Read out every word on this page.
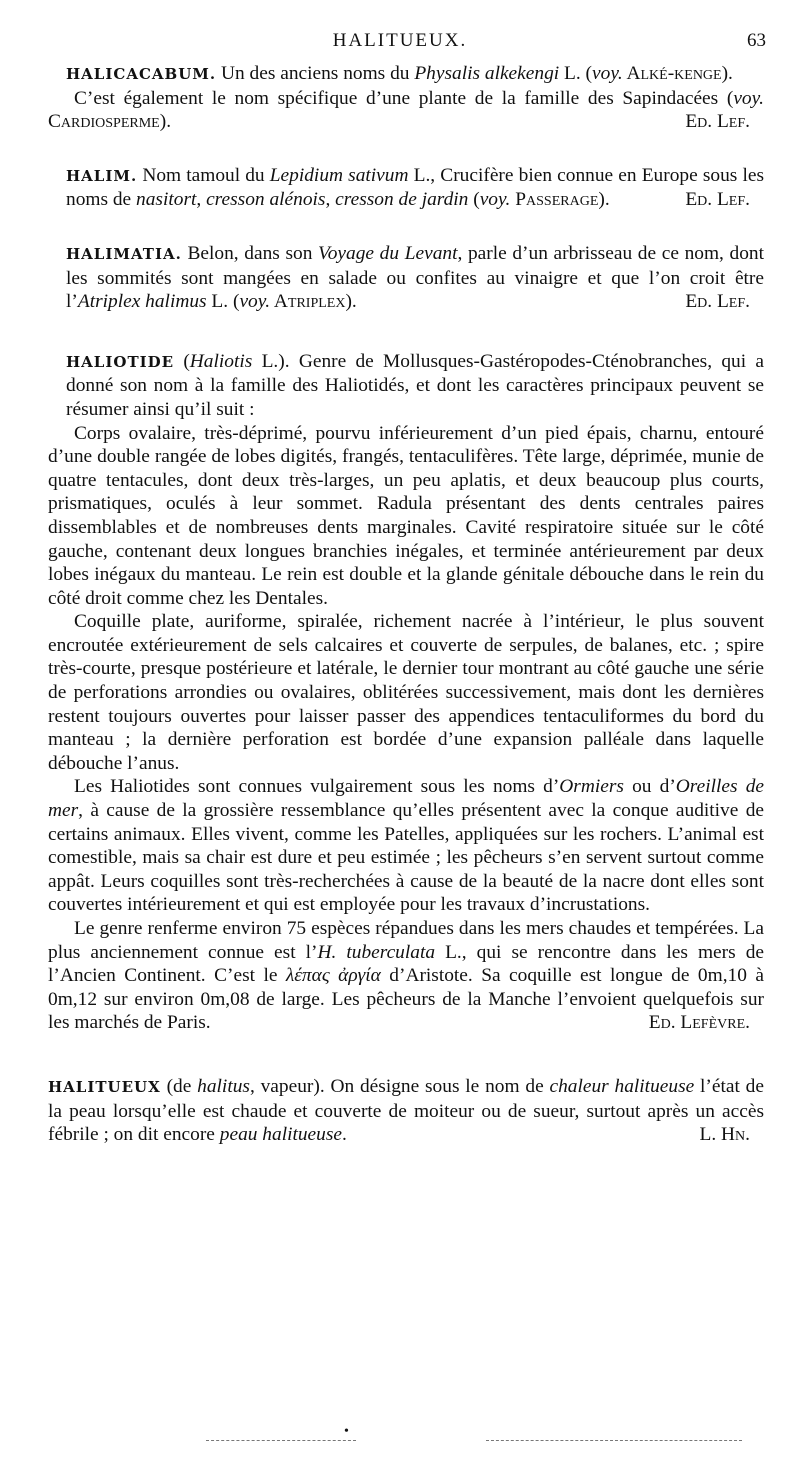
HALITUEUX.	63

HALICACABUM. Un des anciens noms du Physalis alkekengi L. (voy. Alké-kenge).

C’est également le nom spécifique d’une plante de la famille des Sapindacées (voy. Cardiosperme).	Ed. Lef.

HALIM. Nom tamoul du Lepidium sativum L., Crucifère bien connue en Europe sous les noms de nasitort, cresson alénois, cresson de jardin (voy. Passerage).	Ed. Lef.

HALIMATIA. Belon, dans son Voyage du Levant, parle d’un arbrisseau de ce nom, dont les sommités sont mangées en salade ou confites au vinaigre et que l’on croit être l’Atriplex halimus L. (voy. Atriplex).	Ed. Lef.

HALIOTIDE (Haliotis L.). Genre de Mollusques-Gastéropodes-Cténobranches, qui a donné son nom à la famille des Haliotidés, et dont les caractères principaux peuvent se résumer ainsi qu’il suit :

Corps ovalaire, très-déprimé, pourvu inférieurement d’un pied épais, charnu, entouré d’une double rangée de lobes digités, frangés, tentaculifères. Tête large, déprimée, munie de quatre tentacules, dont deux très-larges, un peu aplatis, et deux beaucoup plus courts, prismatiques, oculés à leur sommet. Radula présentant des dents centrales paires dissemblables et de nombreuses dents marginales. Cavité respiratoire située sur le côté gauche, contenant deux longues branchies inégales, et terminée antérieurement par deux lobes inégaux du manteau. Le rein est double et la glande génitale débouche dans le rein du côté droit comme chez les Dentales.

Coquille plate, auriforme, spiralée, richement nacrée à l’intérieur, le plus souvent encroutée extérieurement de sels calcaires et couverte de serpules, de balanes, etc. ; spire très-courte, presque postérieure et latérale, le dernier tour montrant au côté gauche une série de perforations arrondies ou ovalaires, oblitérées successivement, mais dont les dernières restent toujours ouvertes pour laisser passer des appendices tentaculiformes du bord du manteau ; la dernière perforation est bordée d’une expansion palléale dans laquelle débouche l’anus.

Les Haliotides sont connues vulgairement sous les noms d’Ormiers ou d’Oreilles de mer, à cause de la grossière ressemblance qu’elles présentent avec la conque auditive de certains animaux. Elles vivent, comme les Patelles, appliquées sur les rochers. L’animal est comestible, mais sa chair est dure et peu estimée ; les pêcheurs s’en servent surtout comme appât. Leurs coquilles sont très-recherchées à cause de la beauté de la nacre dont elles sont couvertes intérieurement et qui est employée pour les travaux d’incrustations.

Le genre renferme environ 75 espèces répandues dans les mers chaudes et tempérées. La plus anciennement connue est l’H. tuberculata L., qui se rencontre dans les mers de l’Ancien Continent. C’est le λέπας ἀργία d’Aristote. Sa coquille est longue de 0m,10 à 0m,12 sur environ 0m,08 de large. Les pêcheurs de la Manche l’envoient quelquefois sur les marchés de Paris.	Ed. Lefèvre.

HALITUEUX (de halitus, vapeur). On désigne sous le nom de chaleur halitueuse l’état de la peau lorsqu’elle est chaude et couverte de moiteur ou de sueur, surtout après un accès fébrile ; on dit encore peau halitueuse.	L. Hn.

•
